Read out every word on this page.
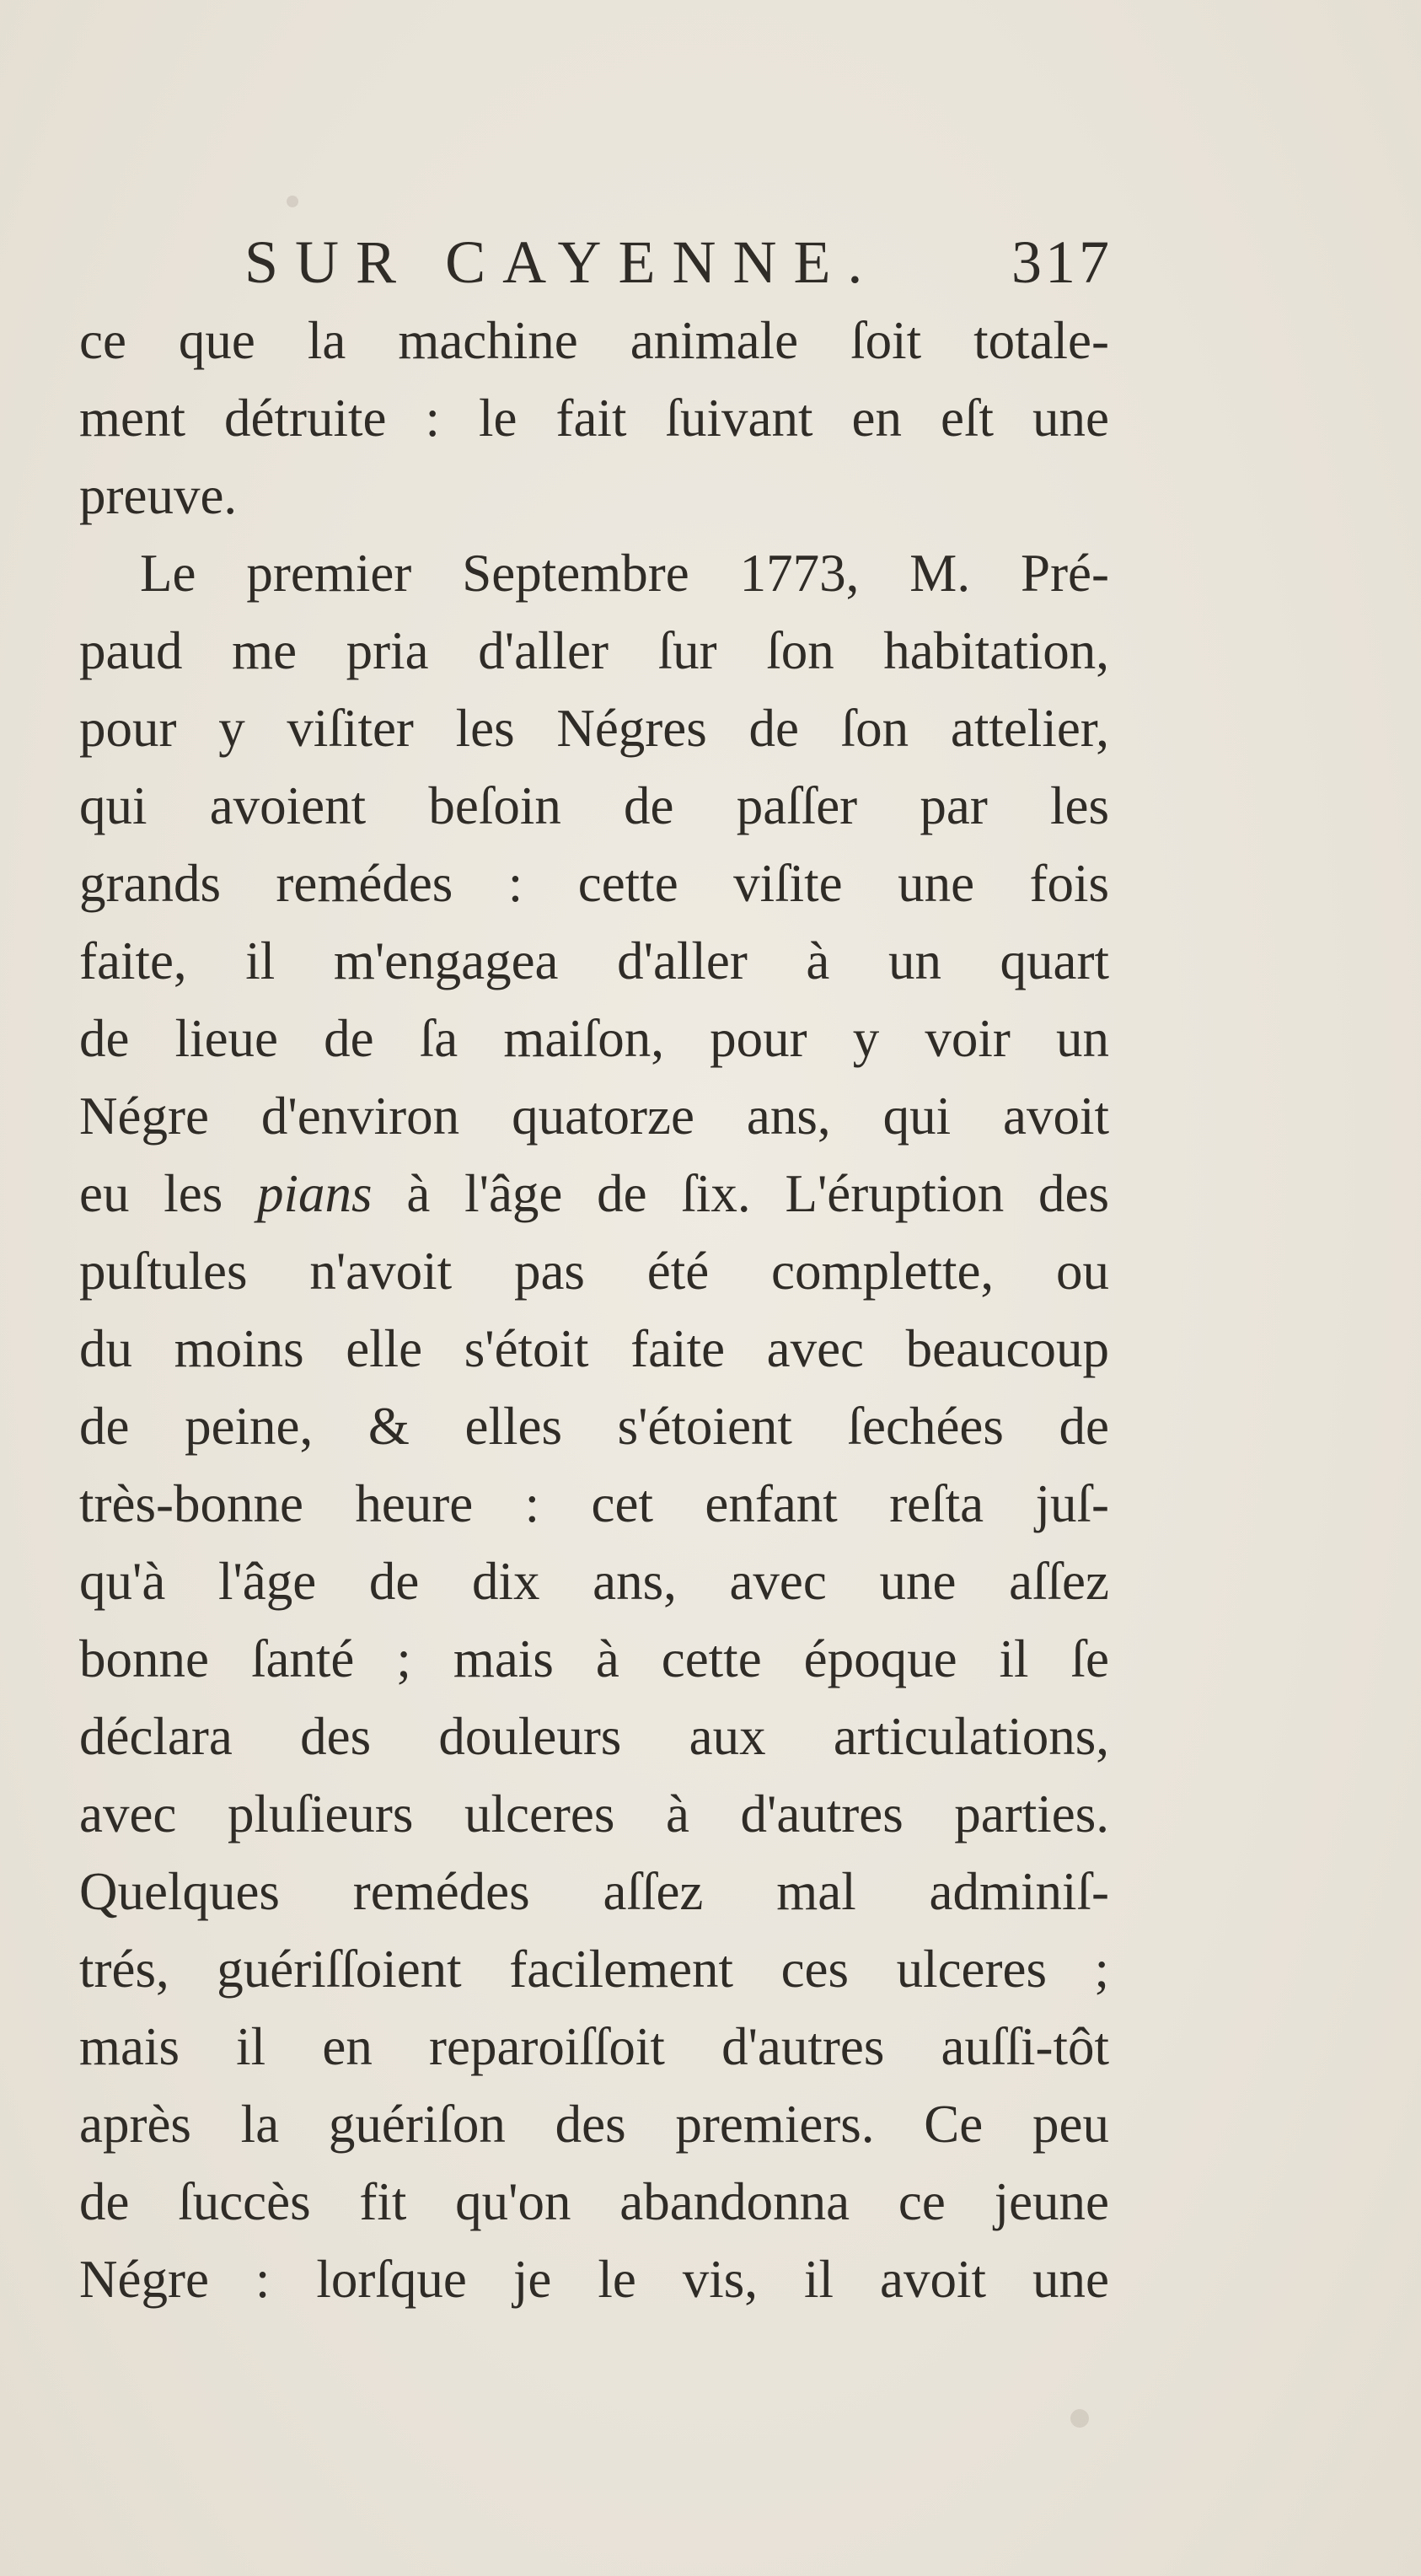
SUR CAYENNE. 317
ce que la machine animale ſoit totale-
ment détruite : le fait ſuivant en eſt une
preuve.
Le premier Septembre 1773, M. Pré-
paud me pria d'aller ſur ſon habitation,
pour y viſiter les Négres de ſon attelier,
qui avoient beſoin de paſſer par les
grands remédes : cette viſite une fois
faite, il m'engagea d'aller à un quart
de lieue de ſa maiſon, pour y voir un
Négre d'environ quatorze ans, qui avoit
eu les pians à l'âge de ſix. L'éruption des
puſtules n'avoit pas été complette, ou
du moins elle s'étoit faite avec beaucoup
de peine, & elles s'étoient ſechées de
très-bonne heure : cet enfant reſta juſ-
qu'à l'âge de dix ans, avec une aſſez
bonne ſanté ; mais à cette époque il ſe
déclara des douleurs aux articulations,
avec pluſieurs ulceres à d'autres parties.
Quelques remédes aſſez mal adminiſ-
trés, guériſſoient facilement ces ulceres ;
mais il en reparoiſſoit d'autres auſſi-tôt
après la guériſon des premiers. Ce peu
de ſuccès fit qu'on abandonna ce jeune
Négre : lorſque je le vis, il avoit une
